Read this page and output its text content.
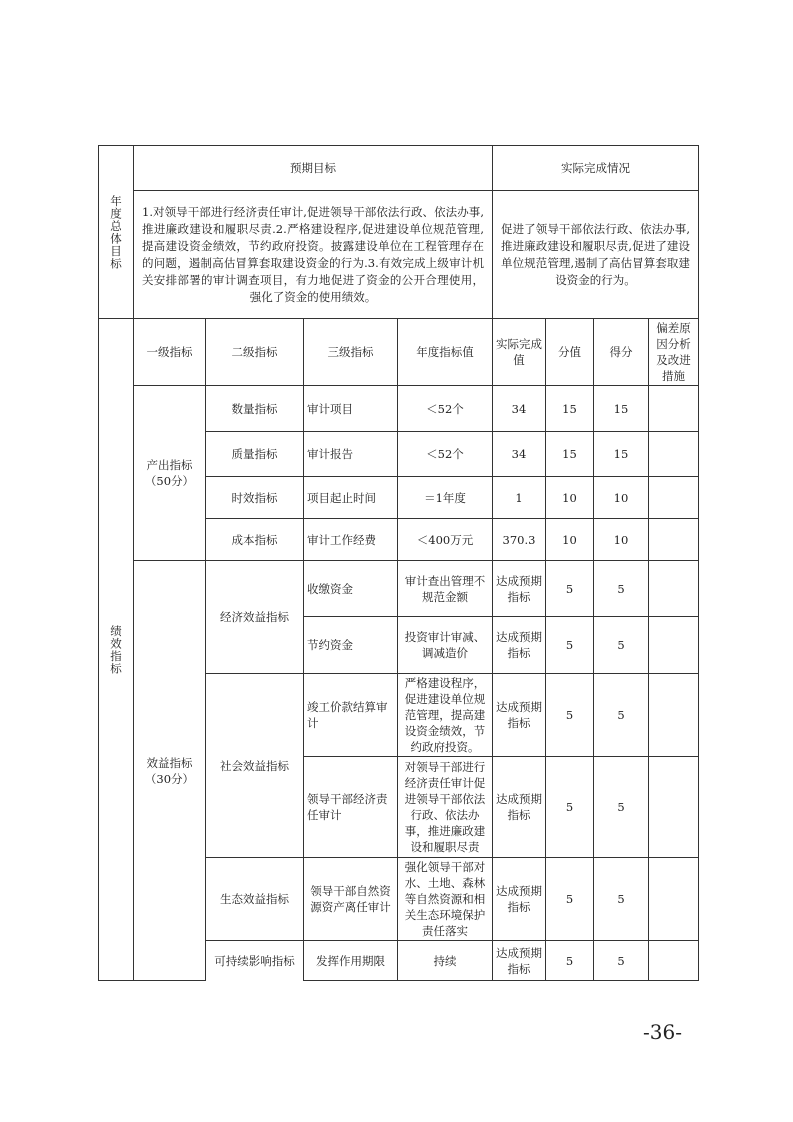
年度总体目标	预期目标				实际完成情况			
	1.对领导干部进行经济责任审计,促进领导干部依法行政、依法办事,推进廉政建设和履职尽责.2.严格建设程序,促进建设单位规范管理,提高建设资金绩效，节约政府投资。披露建设单位在工程管理存在的问题，遏制高估冒算套取建设资金的行为.3.有效完成上级审计机关安排部署的审计调查项目，有力地促进了资金的公开合理使用，强化了资金的使用绩效。				促进了领导干部依法行政、依法办事,推进廉政建设和履职尽责,促进了建设单位规范管理,遏制了高估冒算套取建设资金的行为。			
绩效指标	一级指标	二级指标	三级指标	年度指标值	实际完成值	分值	得分	偏差原因分析及改进措施
	产出指标（50分）	数量指标	审计项目	＜52个	34	15	15	
		质量指标	审计报告	＜52个	34	15	15	
		时效指标	项目起止时间	＝1年度	1	10	10	
		成本指标	审计工作经费	＜400万元	370.3	10	10	
	效益指标（30分）	经济效益指标	收缴资金	审计查出管理不规范金额	达成预期指标	5	5	
			节约资金	投资审计审减、调减造价	达成预期指标	5	5	
		社会效益指标	竣工价款结算审计	严格建设程序，促进建设单位规范管理，提高建设资金绩效，节约政府投资。	达成预期指标	5	5	
			领导干部经济责任审计	对领导干部进行经济责任审计促进领导干部依法行政、依法办事，推进廉政建设和履职尽责	达成预期指标	5	5	
		生态效益指标	领导干部自然资源资产离任审计	强化领导干部对水、土地、森林等自然资源和相关生态环境保护责任落实	达成预期指标	5	5	
		可持续影响指标	发挥作用期限	持续	达成预期指标	5	5	
-36-
